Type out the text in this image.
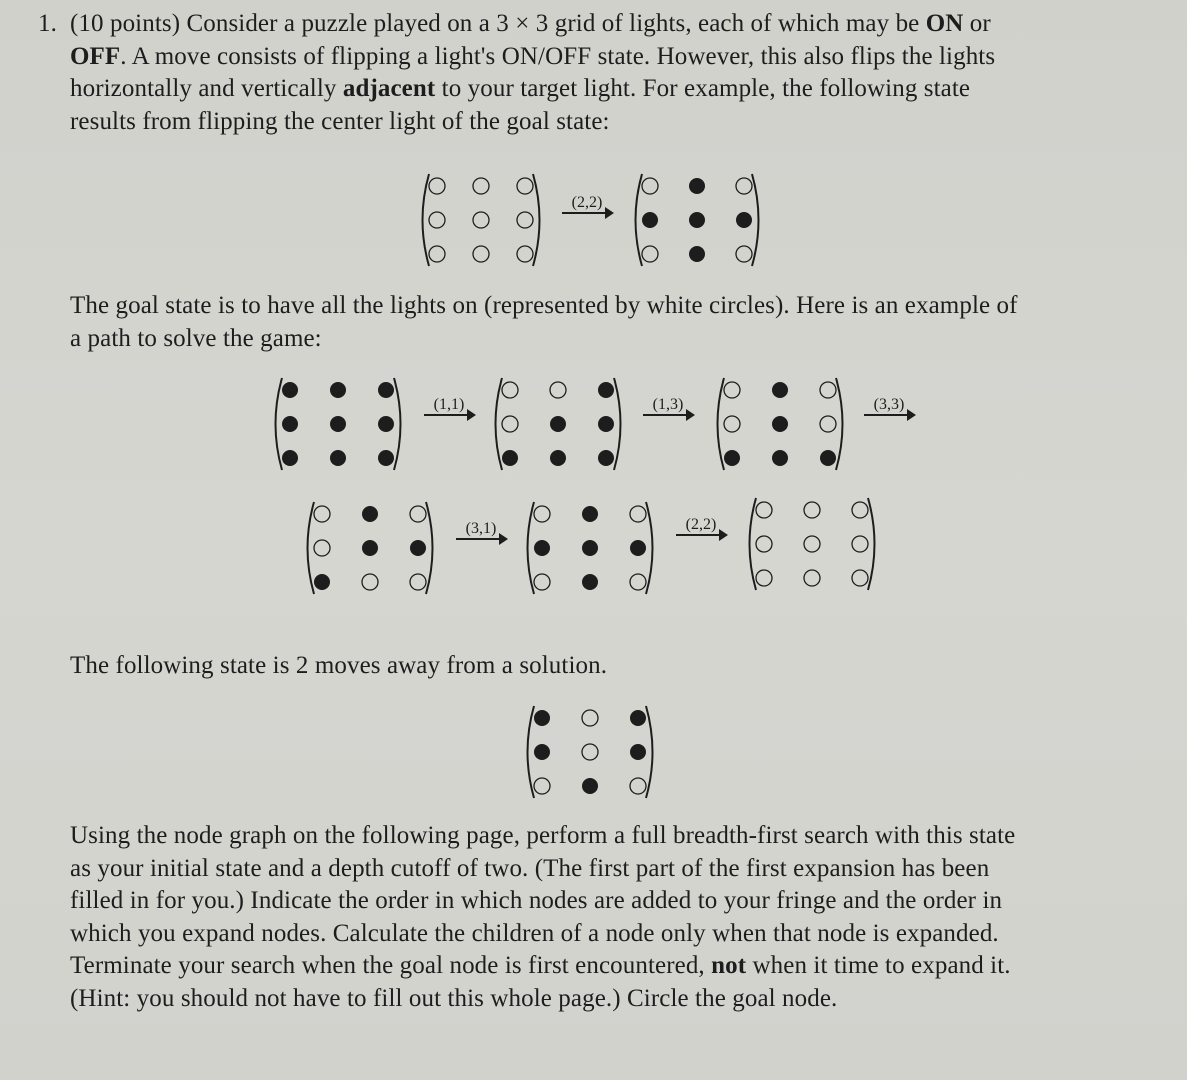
1. (10 points) Consider a puzzle played on a 3 × 3 grid of lights, each of which may be ON or
OFF. A move consists of flipping a light's ON/OFF state. However, this also flips the lights
horizontally and vertically adjacent to your target light. For example, the following state
results from flipping the center light of the goal state:

(2,2)

The goal state is to have all the lights on (represented by white circles). Here is an example of
a path to solve the game:

(1,1)	(1,3)	(3,3)
(3,1)	(2,2)

The following state is 2 moves away from a solution.

Using the node graph on the following page, perform a full breadth-first search with this state
as your initial state and a depth cutoff of two. (The first part of the first expansion has been
filled in for you.) Indicate the order in which nodes are added to your fringe and the order in
which you expand nodes. Calculate the children of a node only when that node is expanded.
Terminate your search when the goal node is first encountered, not when it time to expand it.
(Hint: you should not have to fill out this whole page.) Circle the goal node.
